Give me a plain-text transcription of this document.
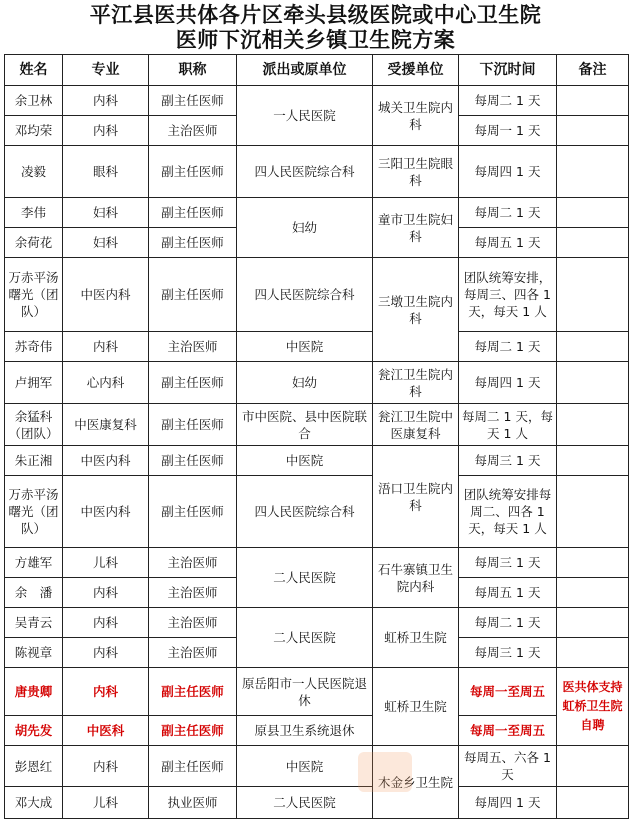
平江县医共体各片区牵头县级医院或中心卫生院
医师下沉相关乡镇卫生院方案
姓名	专业	职称	派出或原单位	受援单位	下沉时间	备注
余卫林	内科	副主任医师	一人民医院	城关卫生院内科	每周二 1 天	
邓均荣	内科	主治医师			每周一 1 天	
凌毅	眼科	副主任医师	四人民医院综合科	三阳卫生院眼科	每周四 1 天	
李伟	妇科	副主任医师	妇幼	童市卫生院妇科	每周二 1 天	
余荷花	妇科	副主任医师			每周五 1 天	
万赤平汤曙光（团队）	中医内科	副主任医师	四人民医院综合科	三墩卫生院内科	团队统筹安排，每周三、四各 1 天，每天 1 人	
苏奇伟	内科	主治医师	中医院		每周二 1 天	
卢拥军	心内科	副主任医师	妇幼	瓮江卫生院内科	每周四 1 天	
余猛科（团队）	中医康复科	副主任医师	市中医院、县中医院联合	瓮江卫生院中医康复科	每周二 1 天，每天 1 人	
朱正湘	中医内科	副主任医师	中医院	浯口卫生院内科	每周三 1 天	
万赤平汤曙光（团队）	中医内科	副主任医师	四人民医院综合科		团队统筹安排每周二、四各 1 天，每天 1 人	
方雄军	儿科	主治医师	二人民医院	石牛寨镇卫生院内科	每周三 1 天	
余　潘	内科	主治医师			每周五 1 天	
吴青云	内科	主治医师	二人民医院	虹桥卫生院	每周二 1 天	
陈视章	内科	主治医师			每周三 1 天	
唐贵卿	内科	副主任医师	原岳阳市一人民医院退休	虹桥卫生院	每周一至周五	医共体支持虹桥卫生院自聘
胡先发	中医科	副主任医师	原县卫生系统退休		每周一至周五	
彭恩红	内科	副主任医师	中医院	木金乡卫生院	每周五、六各 1 天	
邓大成	儿科	执业医师	二人民医院		每周四 1 天	
